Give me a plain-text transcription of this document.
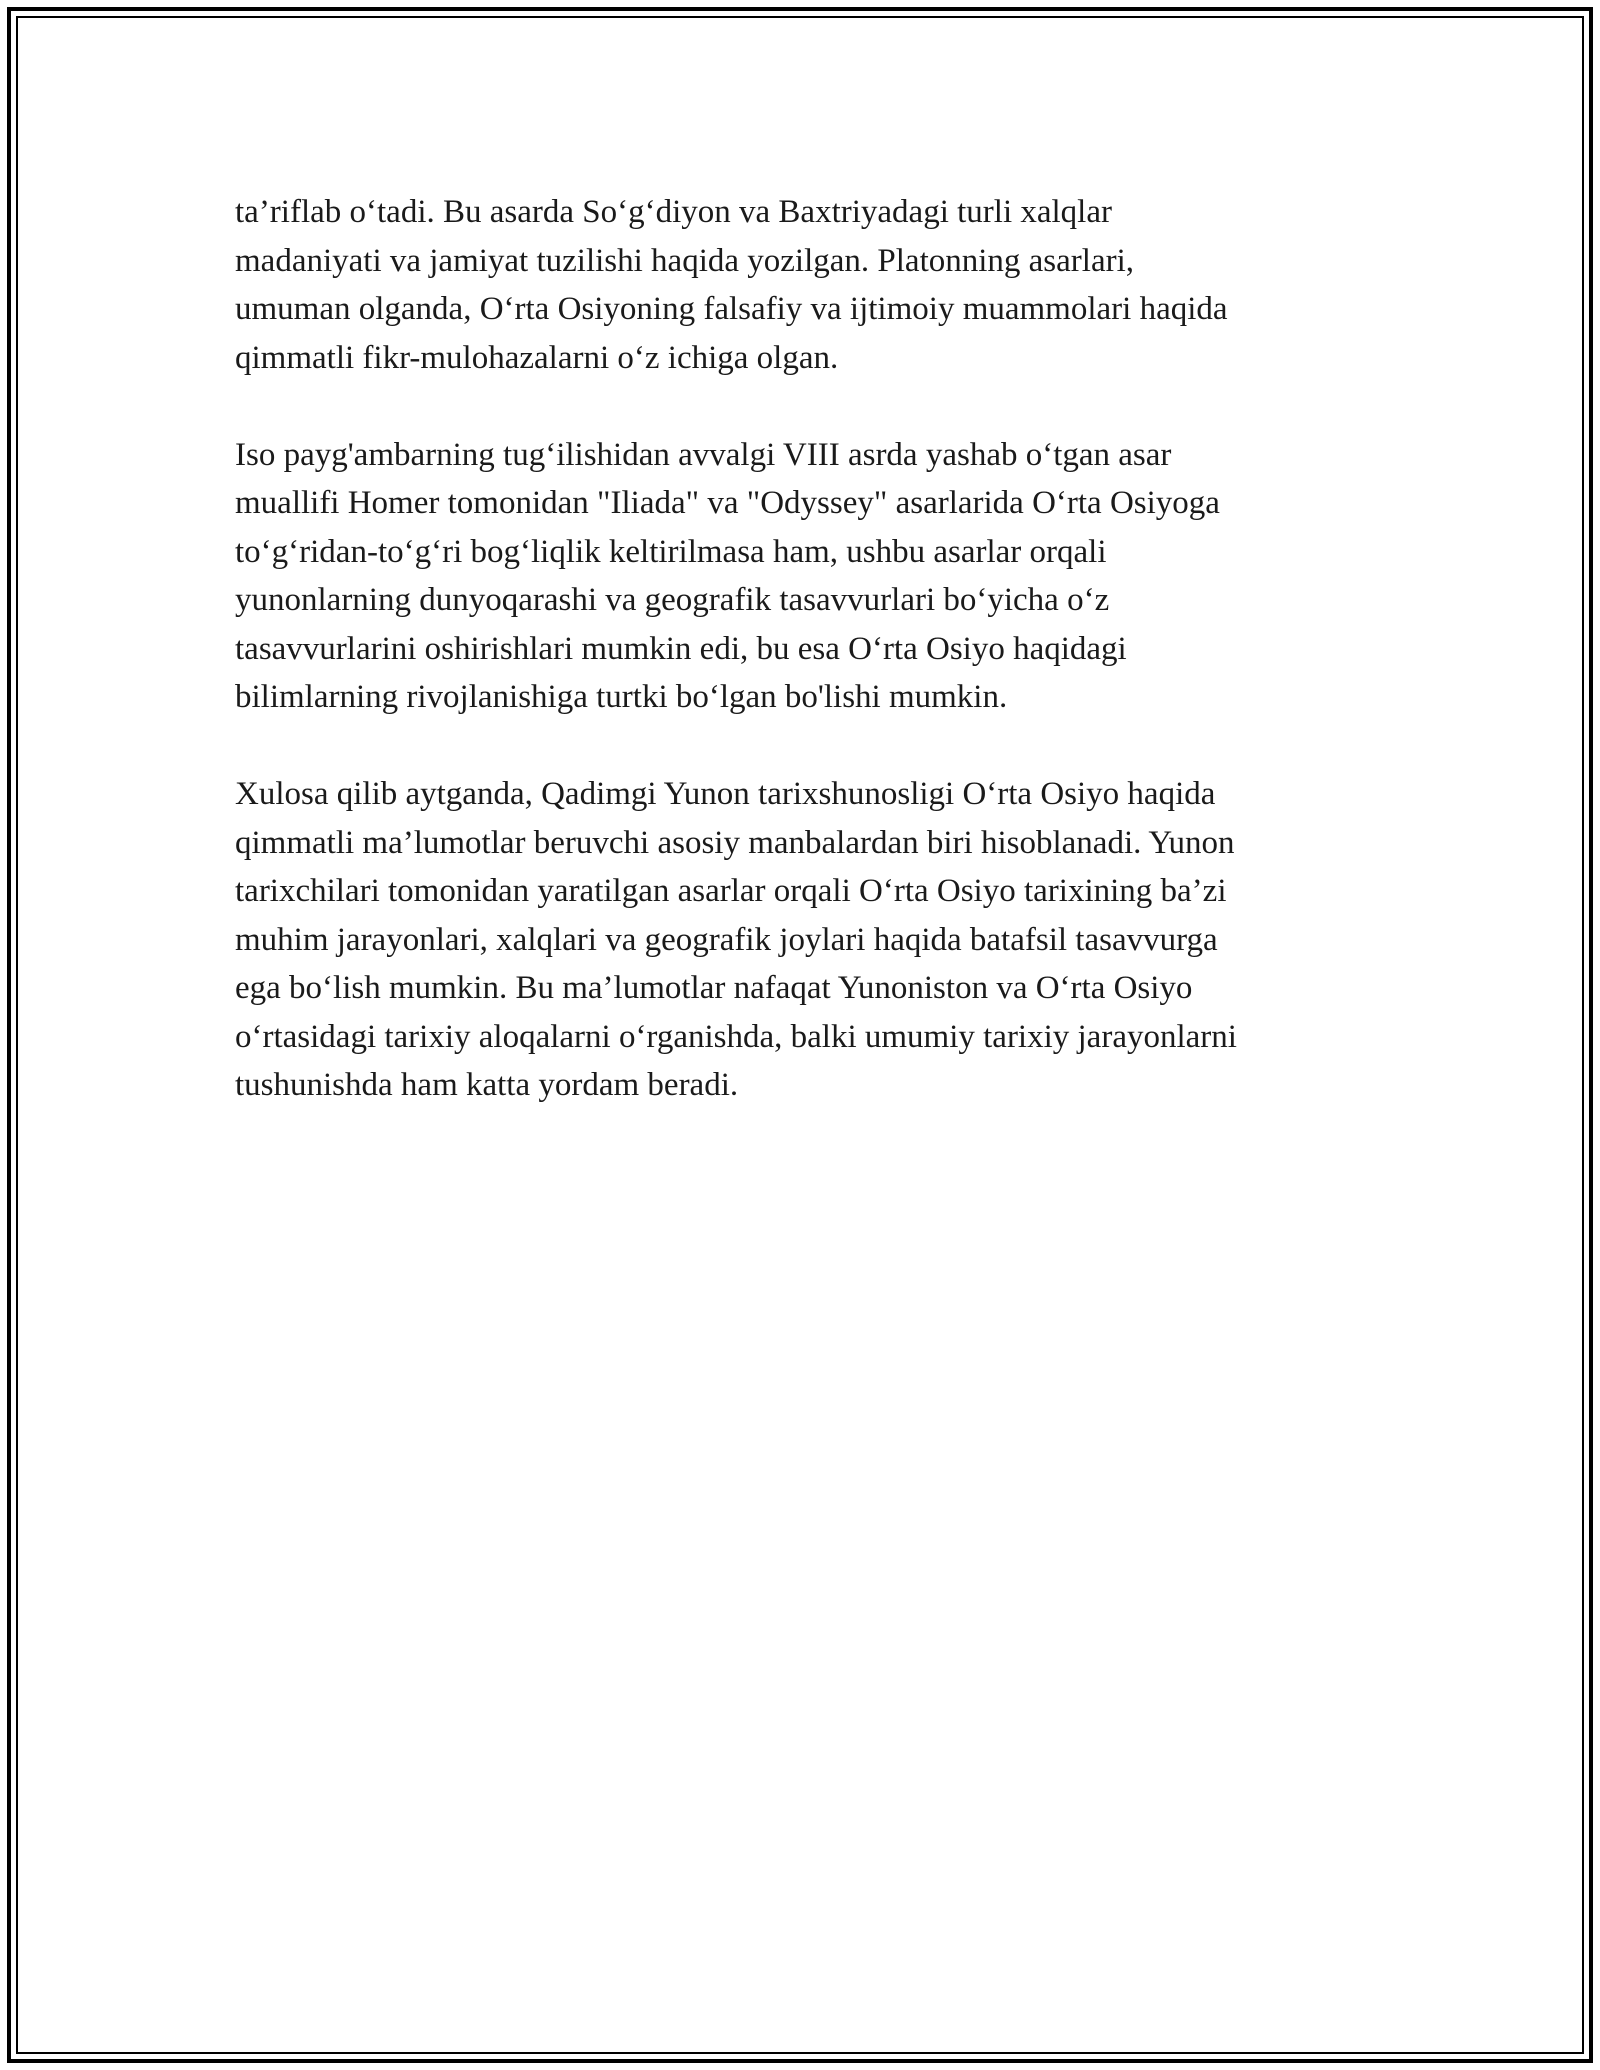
ta’riflab o‘tadi. Bu asarda So‘g‘diyon va Baxtriyadagi turli xalqlar
madaniyati va jamiyat tuzilishi haqida yozilgan. Platonning asarlari,
umuman olganda, O‘rta Osiyoning falsafiy va ijtimoiy muammolari haqida
qimmatli fikr-mulohazalarni o‘z ichiga olgan.

Iso payg'ambarning tug‘ilishidan avvalgi VIII asrda yashab o‘tgan asar
muallifi Homer tomonidan "Iliada" va "Odyssey" asarlarida O‘rta Osiyoga
to‘g‘ridan-to‘g‘ri bog‘liqlik keltirilmasa ham, ushbu asarlar orqali
yunonlarning dunyoqarashi va geografik tasavvurlari bo‘yicha o‘z
tasavvurlarini oshirishlari mumkin edi, bu esa O‘rta Osiyo haqidagi
bilimlarning rivojlanishiga turtki bo‘lgan bo'lishi mumkin.

Xulosa qilib aytganda, Qadimgi Yunon tarixshunosligi O‘rta Osiyo haqida
qimmatli ma’lumotlar beruvchi asosiy manbalardan biri hisoblanadi. Yunon
tarixchilari tomonidan yaratilgan asarlar orqali O‘rta Osiyo tarixining ba’zi
muhim jarayonlari, xalqlari va geografik joylari haqida batafsil tasavvurga
ega bo‘lish mumkin. Bu ma’lumotlar nafaqat Yunoniston va O‘rta Osiyo
o‘rtasidagi tarixiy aloqalarni o‘rganishda, balki umumiy tarixiy jarayonlarni
tushunishda ham katta yordam beradi.
